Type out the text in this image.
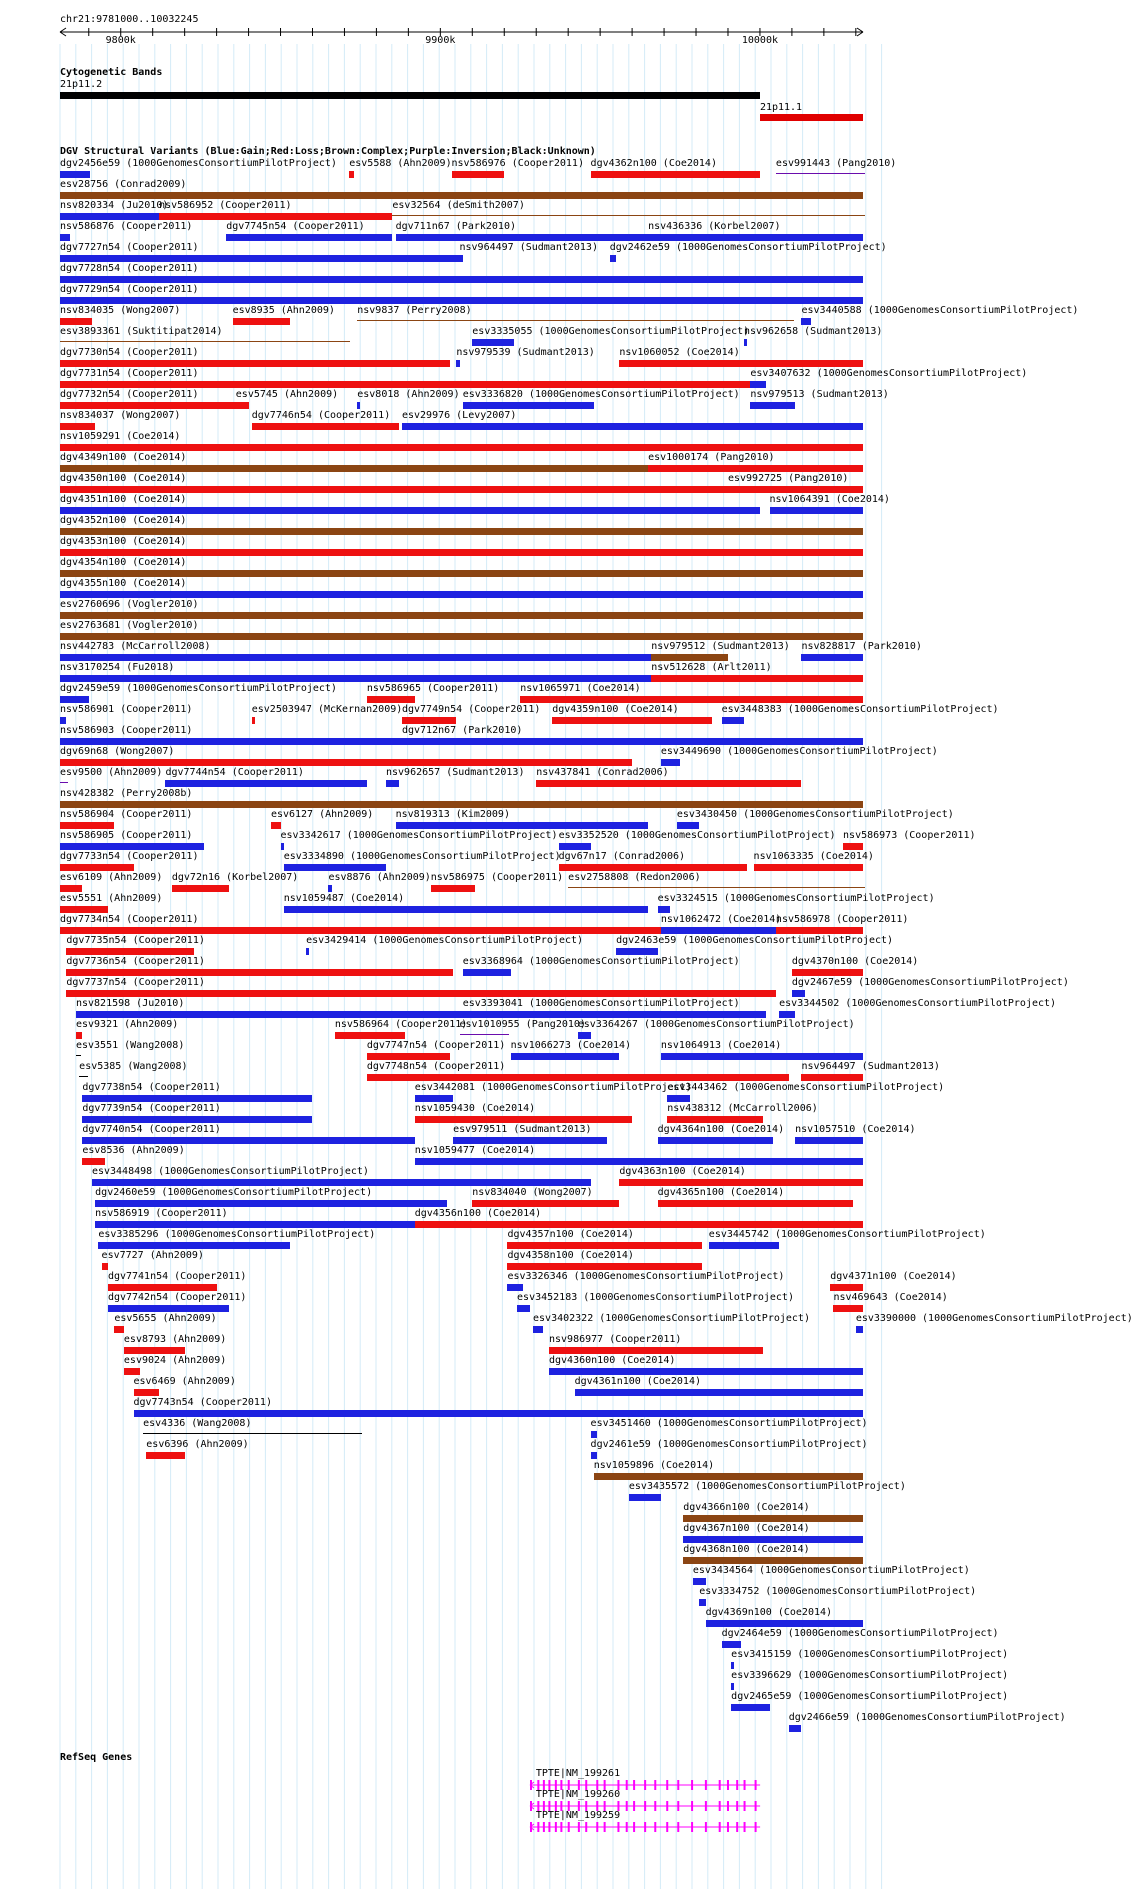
chr21:9781000..10032245
9800k	9900k	10000k
Cytogenetic Bands
21p11.2
21p11.1
DGV Structural Variants (Blue:Gain;Red:Loss;Brown:Complex;Purple:Inversion;Black:Unknown)
dgv2456e59 (1000GenomesConsortiumPilotProject) esv5588 (Ahn2009) nsv586976 (Cooper2011) dgv4362n100 (Coe2014)	esv991443 (Pang2010)
esv28756 (Conrad2009)
nsv820334 (Ju2010)
nsv586952 (Cooper2011)	esv32564 (deSmith2007)
nsv586876 (Cooper2011)	dgv7745n54 (Cooper2011)	dgv711n67 (Park2010)	nsv436336 (Korbel2007)
dgv7727n54 (Cooper2011)	nsv964497 (Sudmant2013) dgv2462e59 (1000GenomesConsortiumPilotProject)
dgv7728n54 (Cooper2011)
dgv7729n54 (Cooper2011)
nsv834035 (Wong2007)	esv8935 (Ahn2009) nsv9837 (Perry2008)	esv3440588 (1000GenomesConsortiumPilotProject)
esv3893361 (Suktitipat2014)	esv3335055 (1000GenomesConsortiumPilotProject)
nsv962658 (Sudmant2013)
dgv7730n54 (Cooper2011)	nsv979539 (Sudmant2013) nsv1060052 (Coe2014)
dgv7731n54 (Cooper2011)	esv3407632 (1000GenomesConsortiumPilotProject)
dgv7732n54 (Cooper2011)	esv5745 (Ahn2009) esv8018 (Ahn2009) esv3336820 (1000GenomesConsortiumPilotProject) nsv979513 (Sudmant2013)
nsv834037 (Wong2007)	dgv7746n54 (Cooper2011) esv29976 (Levy2007)
nsv1059291 (Coe2014)
dgv4349n100 (Coe2014)	esv1000174 (Pang2010)
dgv4350n100 (Coe2014)	esv992725 (Pang2010)
dgv4351n100 (Coe2014)	nsv1064391 (Coe2014)
dgv4352n100 (Coe2014)
dgv4353n100 (Coe2014)
dgv4354n100 (Coe2014)
dgv4355n100 (Coe2014)
esv2760696 (Vogler2010)
esv2763681 (Vogler2010)
nsv442783 (McCarroll2008)	nsv979512 (Sudmant2013) nsv828817 (Park2010)
nsv3170254 (Fu2018)	nsv512628 (Arlt2011)
dgv2459e59 (1000GenomesConsortiumPilotProject)	nsv586965 (Cooper2011) nsv1065971 (Coe2014)
nsv586901 (Cooper2011)	esv2503947 (McKernan2009) dgv7749n54 (Cooper2011) dgv4359n100 (Coe2014)	esv3448383 (1000GenomesConsortiumPilotProject)
nsv586903 (Cooper2011)	dgv712n67 (Park2010)
dgv69n68 (Wong2007)	esv3449690 (1000GenomesConsortiumPilotProject)
esv9500 (Ahn2009) dgv7744n54 (Cooper2011)	nsv962657 (Sudmant2013) nsv437841 (Conrad2006)
nsv428382 (Perry2008b)
nsv586904 (Cooper2011)	esv6127 (Ahn2009) nsv819313 (Kim2009)	esv3430450 (1000GenomesConsortiumPilotProject)
nsv586905 (Cooper2011)	esv3342617 (1000GenomesConsortiumPilotProject) esv3352520 (1000GenomesConsortiumPilotProject) nsv586973 (Cooper2011)
dgv7733n54 (Cooper2011)	esv3334890 (1000GenomesConsortiumPilotProject)
dgv67n17 (Conrad2006)	nsv1063335 (Coe2014)
esv6109 (Ahn2009) dgv72n16 (Korbel2007)	esv8876 (Ahn2009) nsv586975 (Cooper2011) esv2758808 (Redon2006)
esv5551 (Ahn2009)	nsv1059487 (Coe2014)	esv3324515 (1000GenomesConsortiumPilotProject)
dgv7734n54 (Cooper2011)	nsv1062472 (Coe2014)
nsv586978 (Cooper2011)
dgv7735n54 (Cooper2011)	esv3429414 (1000GenomesConsortiumPilotProject)	dgv2463e59 (1000GenomesConsortiumPilotProject)
dgv7736n54 (Cooper2011)	esv3368964 (1000GenomesConsortiumPilotProject)	dgv4370n100 (Coe2014)
dgv7737n54 (Cooper2011)	dgv2467e59 (1000GenomesConsortiumPilotProject)
nsv821598 (Ju2010)	esv3393041 (1000GenomesConsortiumPilotProject)	esv3344502 (1000GenomesConsortiumPilotProject)
esv9321 (Ahn2009)	nsv586964 (Cooper2011)
esv1010955 (Pang2010)
esv3364267 (1000GenomesConsortiumPilotProject)
esv3551 (Wang2008)	dgv7747n54 (Cooper2011) nsv1066273 (Coe2014)	nsv1064913 (Coe2014)
esv5385 (Wang2008)	dgv7748n54 (Cooper2011)	nsv964497 (Sudmant2013)
dgv7738n54 (Cooper2011)	esv3442081 (1000GenomesConsortiumPilotProject)
esv3443462 (1000GenomesConsortiumPilotProject)
dgv7739n54 (Cooper2011)	nsv1059430 (Coe2014)	nsv438312 (McCarroll2006)
dgv7740n54 (Cooper2011)	esv979511 (Sudmant2013)	dgv4364n100 (Coe2014) nsv1057510 (Coe2014)
esv8536 (Ahn2009)	nsv1059477 (Coe2014)
esv3448498 (1000GenomesConsortiumPilotProject)	dgv4363n100 (Coe2014)
dgv2460e59 (1000GenomesConsortiumPilotProject)	nsv834040 (Wong2007)	dgv4365n100 (Coe2014)
nsv586919 (Cooper2011)	dgv4356n100 (Coe2014)
esv3385296 (1000GenomesConsortiumPilotProject)	dgv4357n100 (Coe2014)	esv3445742 (1000GenomesConsortiumPilotProject)
esv7727 (Ahn2009)	dgv4358n100 (Coe2014)
dgv7741n54 (Cooper2011)	esv3326346 (1000GenomesConsortiumPilotProject)	dgv4371n100 (Coe2014)
dgv7742n54 (Cooper2011)	esv3452183 (1000GenomesConsortiumPilotProject)	nsv469643 (Coe2014)
esv5655 (Ahn2009)	esv3402322 (1000GenomesConsortiumPilotProject)	esv3390000 (1000GenomesConsortiumPilotProject)
esv8793 (Ahn2009)	nsv986977 (Cooper2011)
esv9024 (Ahn2009)	dgv4360n100 (Coe2014)
esv6469 (Ahn2009)	dgv4361n100 (Coe2014)
dgv7743n54 (Cooper2011)
esv4336 (Wang2008)	esv3451460 (1000GenomesConsortiumPilotProject)
esv6396 (Ahn2009)	dgv2461e59 (1000GenomesConsortiumPilotProject)
nsv1059896 (Coe2014)
esv3435572 (1000GenomesConsortiumPilotProject)
dgv4366n100 (Coe2014)
dgv4367n100 (Coe2014)
dgv4368n100 (Coe2014)
esv3434564 (1000GenomesConsortiumPilotProject)
esv3334752 (1000GenomesConsortiumPilotProject)
dgv4369n100 (Coe2014)
dgv2464e59 (1000GenomesConsortiumPilotProject)
esv3415159 (1000GenomesConsortiumPilotProject)
esv3396629 (1000GenomesConsortiumPilotProject)
dgv2465e59 (1000GenomesConsortiumPilotProject)
dgv2466e59 (1000GenomesConsortiumPilotProject)
RefSeq Genes
TPTE|NM_199261
TPTE|NM_199260
TPTE|NM_199259
